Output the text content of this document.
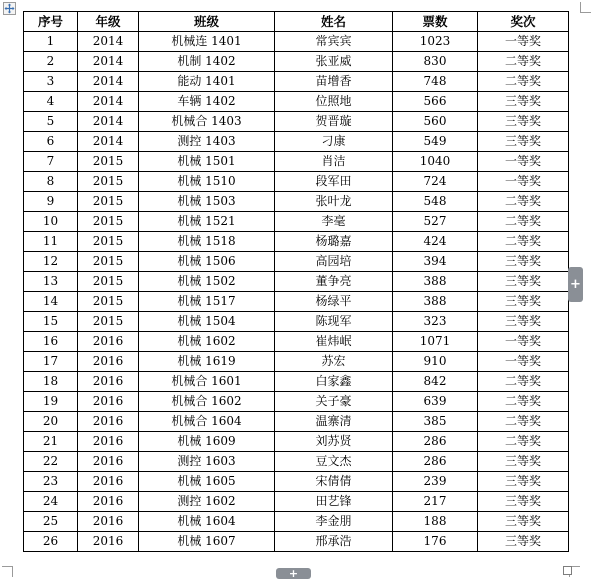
序号	年级	班级	姓名	票数	奖次
1	2014	机械连 1401	常宾宾	1023	一等奖
2	2014	机制 1402	张亚威	830	二等奖
3	2014	能动 1401	苗增香	748	二等奖
4	2014	车辆 1402	位照地	566	三等奖
5	2014	机械合 1403	贺晋璇	560	三等奖
6	2014	测控 1403	刁康	549	三等奖
7	2015	机械 1501	肖洁	1040	一等奖
8	2015	机械 1510	段军田	724	一等奖
9	2015	机械 1503	张叶龙	548	二等奖
10	2015	机械 1521	李毫	527	二等奖
11	2015	机械 1518	杨璐嘉	424	二等奖
12	2015	机械 1506	高园培	394	三等奖
13	2015	机械 1502	董争亮	388	三等奖
14	2015	机械 1517	杨绿平	388	三等奖
15	2015	机械 1504	陈现军	323	三等奖
16	2016	机械 1602	崔炜岷	1071	一等奖
17	2016	机械 1619	苏宏	910	一等奖
18	2016	机械合 1601	白家鑫	842	二等奖
19	2016	机械合 1602	关子豪	639	二等奖
20	2016	机械合 1604	温寨清	385	二等奖
21	2016	机械 1609	刘苏贤	286	二等奖
22	2016	测控 1603	豆文杰	286	三等奖
23	2016	机械 1605	宋倩倩	239	三等奖
24	2016	测控 1602	田艺锋	217	三等奖
25	2016	机械 1604	李金朋	188	三等奖
26	2016	机械 1607	邢承浩	176	三等奖
+
+
